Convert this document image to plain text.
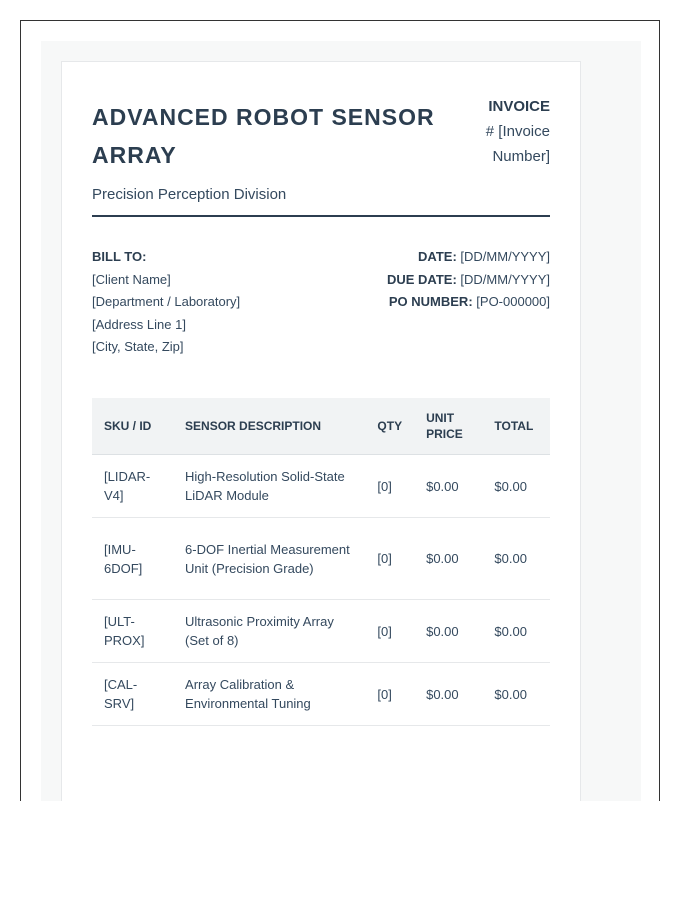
ADVANCED ROBOT SENSOR ARRAY
Precision Perception Division
INVOICE
# [Invoice
Number]
BILL TO:
[Client Name]
[Department / Laboratory]
[Address Line 1]
[City, State, Zip]
DATE: [DD/MM/YYYY]
DUE DATE: [DD/MM/YYYY]
PO NUMBER: [PO-000000]
SKU / ID	SENSOR DESCRIPTION	QTY	UNIT PRICE	TOTAL
[LIDAR-V4]	High-Resolution Solid-State LiDAR Module	[0]	$0.00	$0.00
[IMU-6DOF]	6-DOF Inertial Measurement Unit (Precision Grade)	[0]	$0.00	$0.00
[ULT-PROX]	Ultrasonic Proximity Array (Set of 8)	[0]	$0.00	$0.00
[CAL-SRV]	Array Calibration & Environmental Tuning	[0]	$0.00	$0.00
